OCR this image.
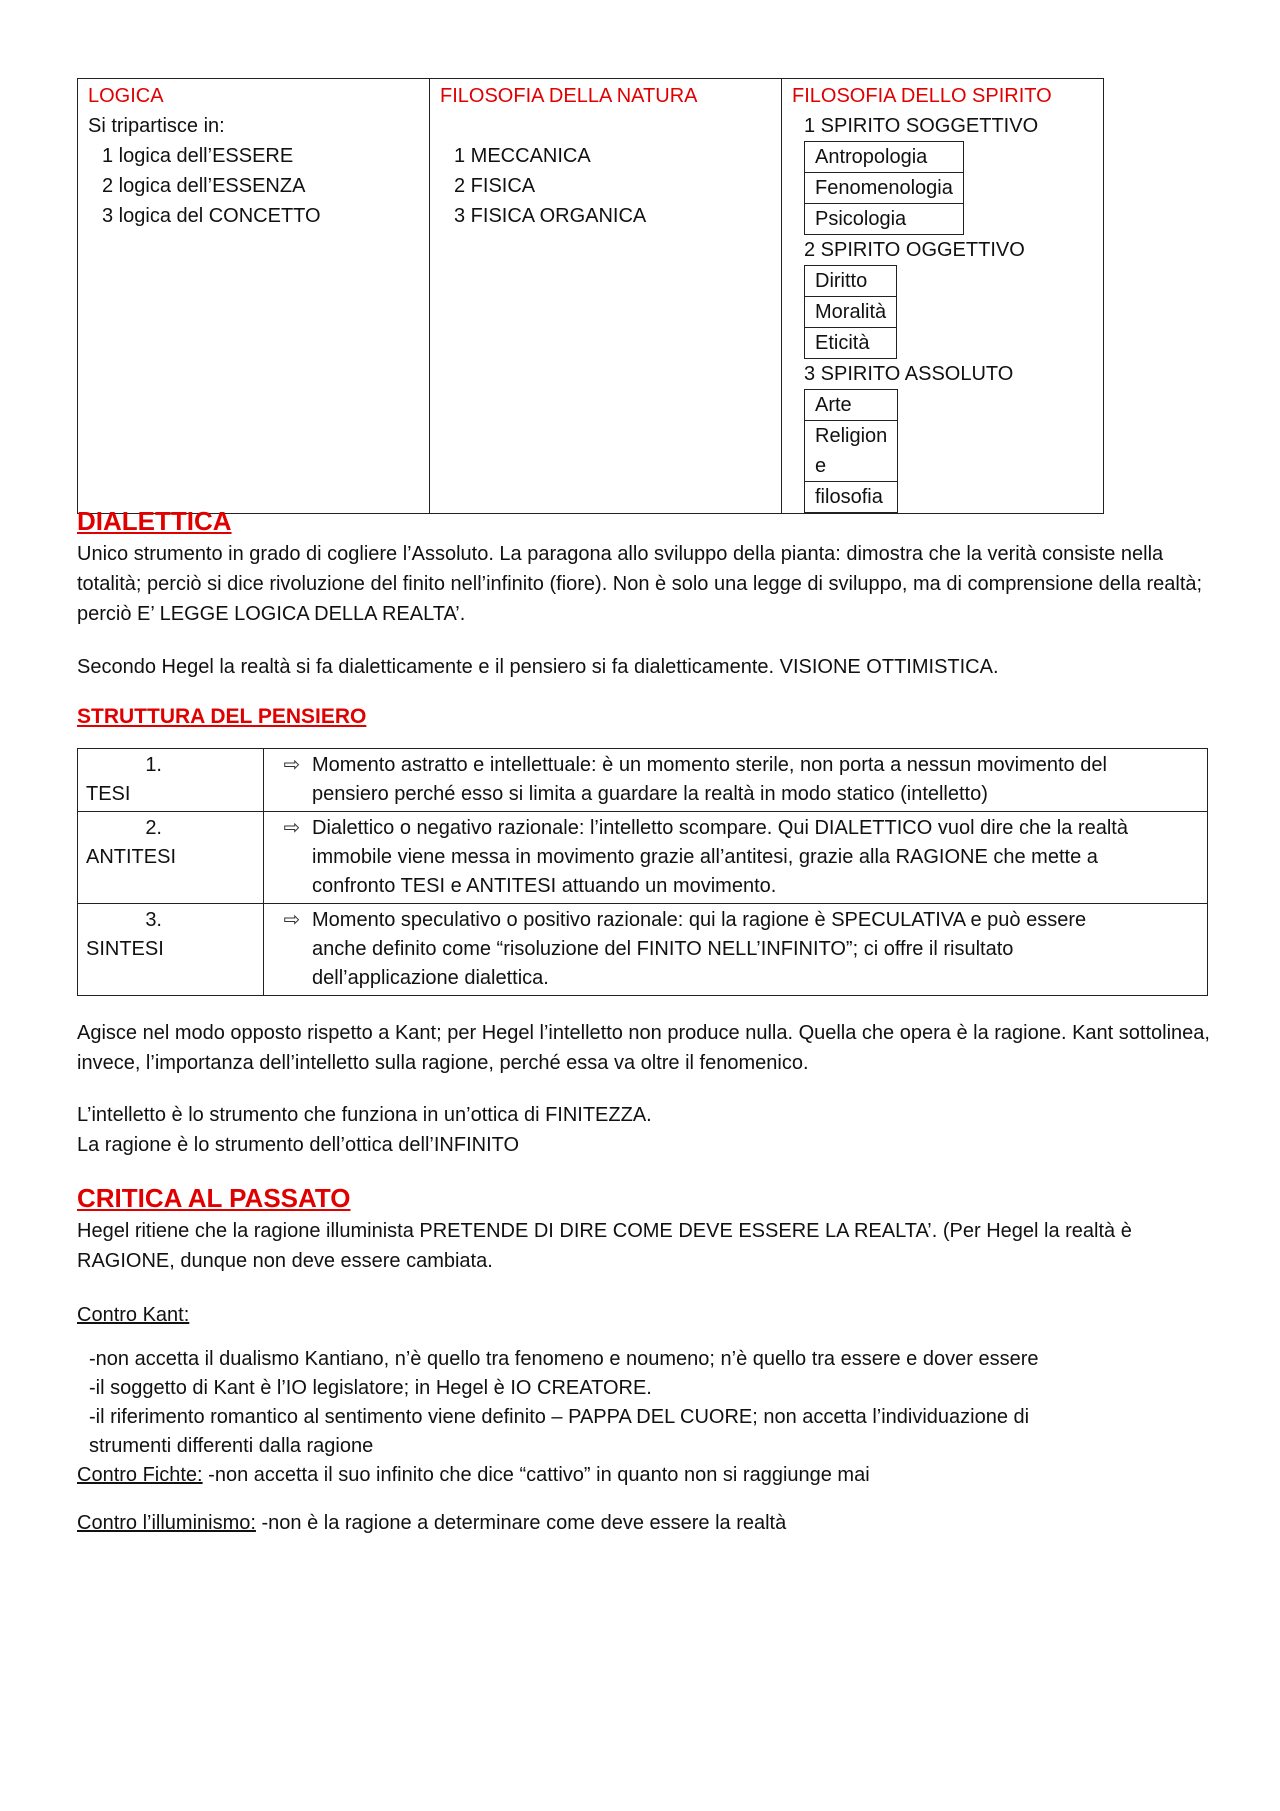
LOGICA
Si tripartisce in:
1 logica dell’ESSERE
2 logica dell’ESSENZA
3 logica del CONCETTO

FILOSOFIA DELLA NATURA
1 MECCANICA
2 FISICA
3 FISICA ORGANICA

FILOSOFIA DELLO SPIRITO
1 SPIRITO SOGGETTIVO
Antropologia
Fenomenologia
Psicologia
2 SPIRITO OGGETTIVO
Diritto
Moralità
Eticità
3 SPIRITO ASSOLUTO
Arte

Religion
e

filosofia
DIALETTICA

Unico strumento in grado di cogliere l’Assoluto. La paragona allo sviluppo della pianta: dimostra che la verità consiste nella totalità; perciò si dice rivoluzione del finito nell’infinito (fiore). Non è solo una legge di sviluppo, ma di comprensione della realtà; perciò E’ LEGGE LOGICA DELLA REALTA’.

Secondo Hegel la realtà si fa dialetticamente e il pensiero si fa dialetticamente. VISIONE OTTIMISTICA.

STRUTTURA DEL PENSIERO
1.TESI	⇨ Momento astratto e intellettuale: è un momento sterile, non porta a nessun movimento del pensiero perché esso si limita a guardare la realtà in modo statico (intelletto)
2.ANTITESI	⇨ Dialettico o negativo razionale: l’intelletto scompare. Qui DIALETTICO vuol dire che la realtà immobile viene messa in movimento grazie all’antitesi, grazie alla RAGIONE che mette a confronto TESI e ANTITESI attuando un movimento.
3.SINTESI	⇨ Momento speculativo o positivo razionale: qui la ragione è SPECULATIVA e può essere anche definito come “risoluzione del FINITO NELL’INFINITO”; ci offre il risultato dell’applicazione dialettica.

Agisce nel modo opposto rispetto a Kant; per Hegel l’intelletto non produce nulla. Quella che opera è la ragione. Kant sottolinea, invece, l’importanza dell’intelletto sulla ragione, perché essa va oltre il fenomenico.

L’intelletto è lo strumento che funziona in un’ottica di FINITEZZA.

La ragione è lo strumento dell’ottica dell’INFINITO

CRITICA AL PASSATO

Hegel ritiene che la ragione illuminista PRETENDE DI DIRE COME DEVE ESSERE LA REALTA’. (Per Hegel la realtà è RAGIONE, dunque non deve essere cambiata.

Contro Kant:

-non accetta il dualismo Kantiano, n’è quello tra fenomeno e noumeno; n’è quello tra essere e dover essere
-il soggetto di Kant è l’IO legislatore; in Hegel è IO CREATORE.
-il riferimento romantico al sentimento viene definito – PAPPA DEL CUORE; non accetta l’individuazione di
strumenti differenti dalla ragione

Contro Fichte: -non accetta il suo infinito che dice “cattivo” in quanto non si raggiunge mai

Contro l’illuminismo: -non è la ragione a determinare come deve essere la realtà
